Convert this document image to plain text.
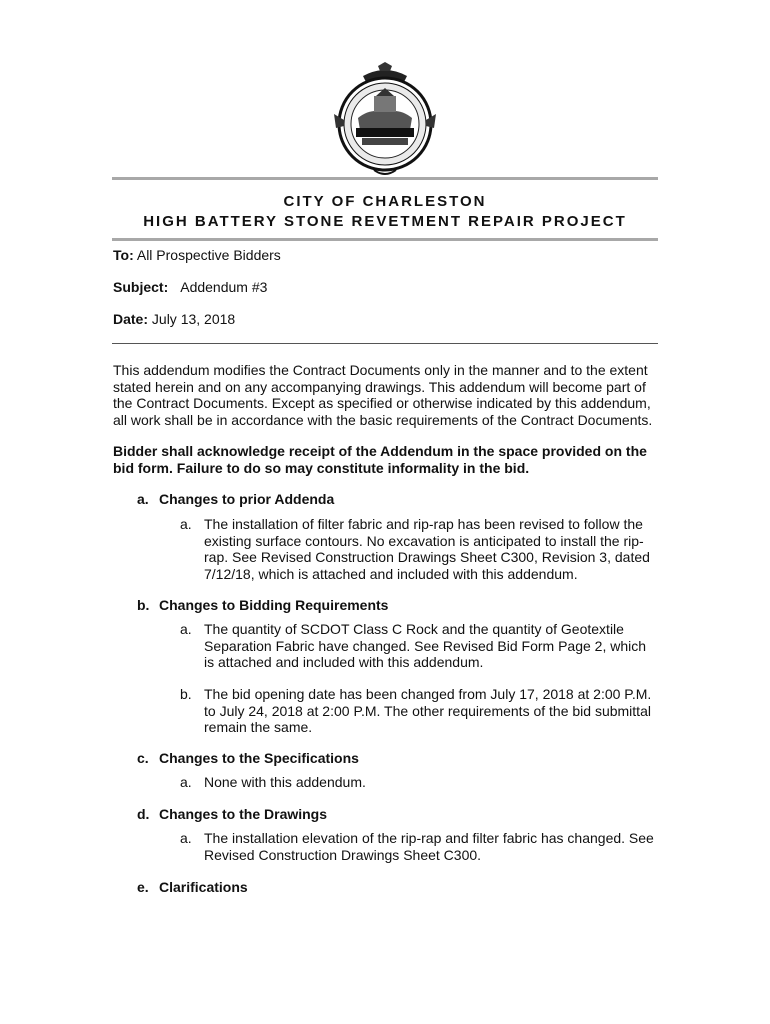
CITY OF CHARLESTON
HIGH BATTERY STONE REVETMENT REPAIR PROJECT
To: All Prospective Bidders
Subject: Addendum #3
Date: July 13, 2018
This addendum modifies the Contract Documents only in the manner and to the extent stated herein and on any accompanying drawings. This addendum will become part of the Contract Documents. Except as specified or otherwise indicated by this addendum, all work shall be in accordance with the basic requirements of the Contract Documents.
Bidder shall acknowledge receipt of the Addendum in the space provided on the bid form. Failure to do so may constitute informality in the bid.
a. Changes to prior Addenda
a. The installation of filter fabric and rip-rap has been revised to follow the existing surface contours. No excavation is anticipated to install the rip-rap. See Revised Construction Drawings Sheet C300, Revision 3, dated 7/12/18, which is attached and included with this addendum.
b. Changes to Bidding Requirements
a. The quantity of SCDOT Class C Rock and the quantity of Geotextile Separation Fabric have changed. See Revised Bid Form Page 2, which is attached and included with this addendum.
b. The bid opening date has been changed from July 17, 2018 at 2:00 P.M. to July 24, 2018 at 2:00 P.M. The other requirements of the bid submittal remain the same.
c. Changes to the Specifications
a. None with this addendum.
d. Changes to the Drawings
a. The installation elevation of the rip-rap and filter fabric has changed. See Revised Construction Drawings Sheet C300.
e. Clarifications
